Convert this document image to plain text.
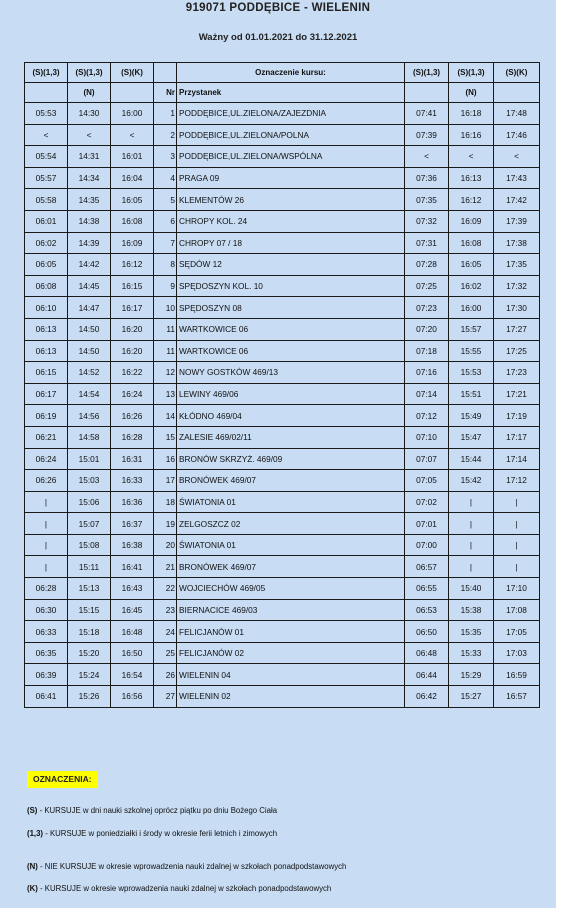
919071 PODDĘBICE - WIELENIN
Ważny od 01.01.2021 do 31.12.2021
(S)(1,3)	(S)(1,3)	(S)(K)		Oznaczenie kursu:	(S)(1,3)	(S)(1,3)	(S)(K)
	(N)		Nr	Przystanek		(N)	
05:53	14:30	16:00	1	PODDĘBICE,UL.ZIELONA/ZAJEZDNIA	07:41	16:18	17:48
<	<	<	2	PODDĘBICE,UL.ZIELONA/POLNA	07:39	16:16	17:46
05:54	14:31	16:01	3	PODDĘBICE,UL.ZIELONA/WSPÓLNA	<	<	<
05:57	14:34	16:04	4	PRAGA 09	07:36	16:13	17:43
05:58	14:35	16:05	5	KLEMENTÓW 26	07:35	16:12	17:42
06:01	14:38	16:08	6	CHROPY KOL. 24	07:32	16:09	17:39
06:02	14:39	16:09	7	CHROPY 07 / 18	07:31	16:08	17:38
06:05	14:42	16:12	8	SĘDÓW 12	07:28	16:05	17:35
06:08	14:45	16:15	9	SPĘDOSZYN KOL. 10	07:25	16:02	17:32
06:10	14:47	16:17	10	SPĘDOSZYN 08	07:23	16:00	17:30
06:13	14:50	16:20	11	WARTKOWICE 06	07:20	15:57	17:27
06:13	14:50	16:20	11	WARTKOWICE 06	07:18	15:55	17:25
06:15	14:52	16:22	12	NOWY GOSTKÓW 469/13	07:16	15:53	17:23
06:17	14:54	16:24	13	LEWINY 469/06	07:14	15:51	17:21
06:19	14:56	16:26	14	KŁÓDNO 469/04	07:12	15:49	17:19
06:21	14:58	16:28	15	ZALESIE 469/02/11	07:10	15:47	17:17
06:24	15:01	16:31	16	BRONÓW SKRZYŻ. 469/09	07:07	15:44	17:14
06:26	15:03	16:33	17	BRONÓWEK 469/07	07:05	15:42	17:12
|	15:06	16:36	18	ŚWIATONIA 01	07:02	|	|
|	15:07	16:37	19	ZELGOSZCZ 02	07:01	|	|
|	15:08	16:38	20	ŚWIATONIA 01	07:00	|	|
|	15:11	16:41	21	BRONÓWEK 469/07	06:57	|	|
06:28	15:13	16:43	22	WOJCIECHÓW 469/05	06:55	15:40	17:10
06:30	15:15	16:45	23	BIERNACICE 469/03	06:53	15:38	17:08
06:33	15:18	16:48	24	FELICJANÓW 01	06:50	15:35	17:05
06:35	15:20	16:50	25	FELICJANÓW 02	06:48	15:33	17:03
06:39	15:24	16:54	26	WIELENIN 04	06:44	15:29	16:59
06:41	15:26	16:56	27	WIELENIN 02	06:42	15:27	16:57
OZNACZENIA:
(S) - KURSUJE w dni nauki szkolnej oprócz piątku po dniu Bożego Ciała
(1,3) - KURSUJE w poniedziałki i środy w okresie ferii letnich i zimowych
(N) - NIE KURSUJE w okresie wprowadzenia nauki zdalnej w szkołach ponadpodstawowych
(K) - KURSUJE w okresie wprowadzenia nauki zdalnej w szkołach ponadpodstawowych
